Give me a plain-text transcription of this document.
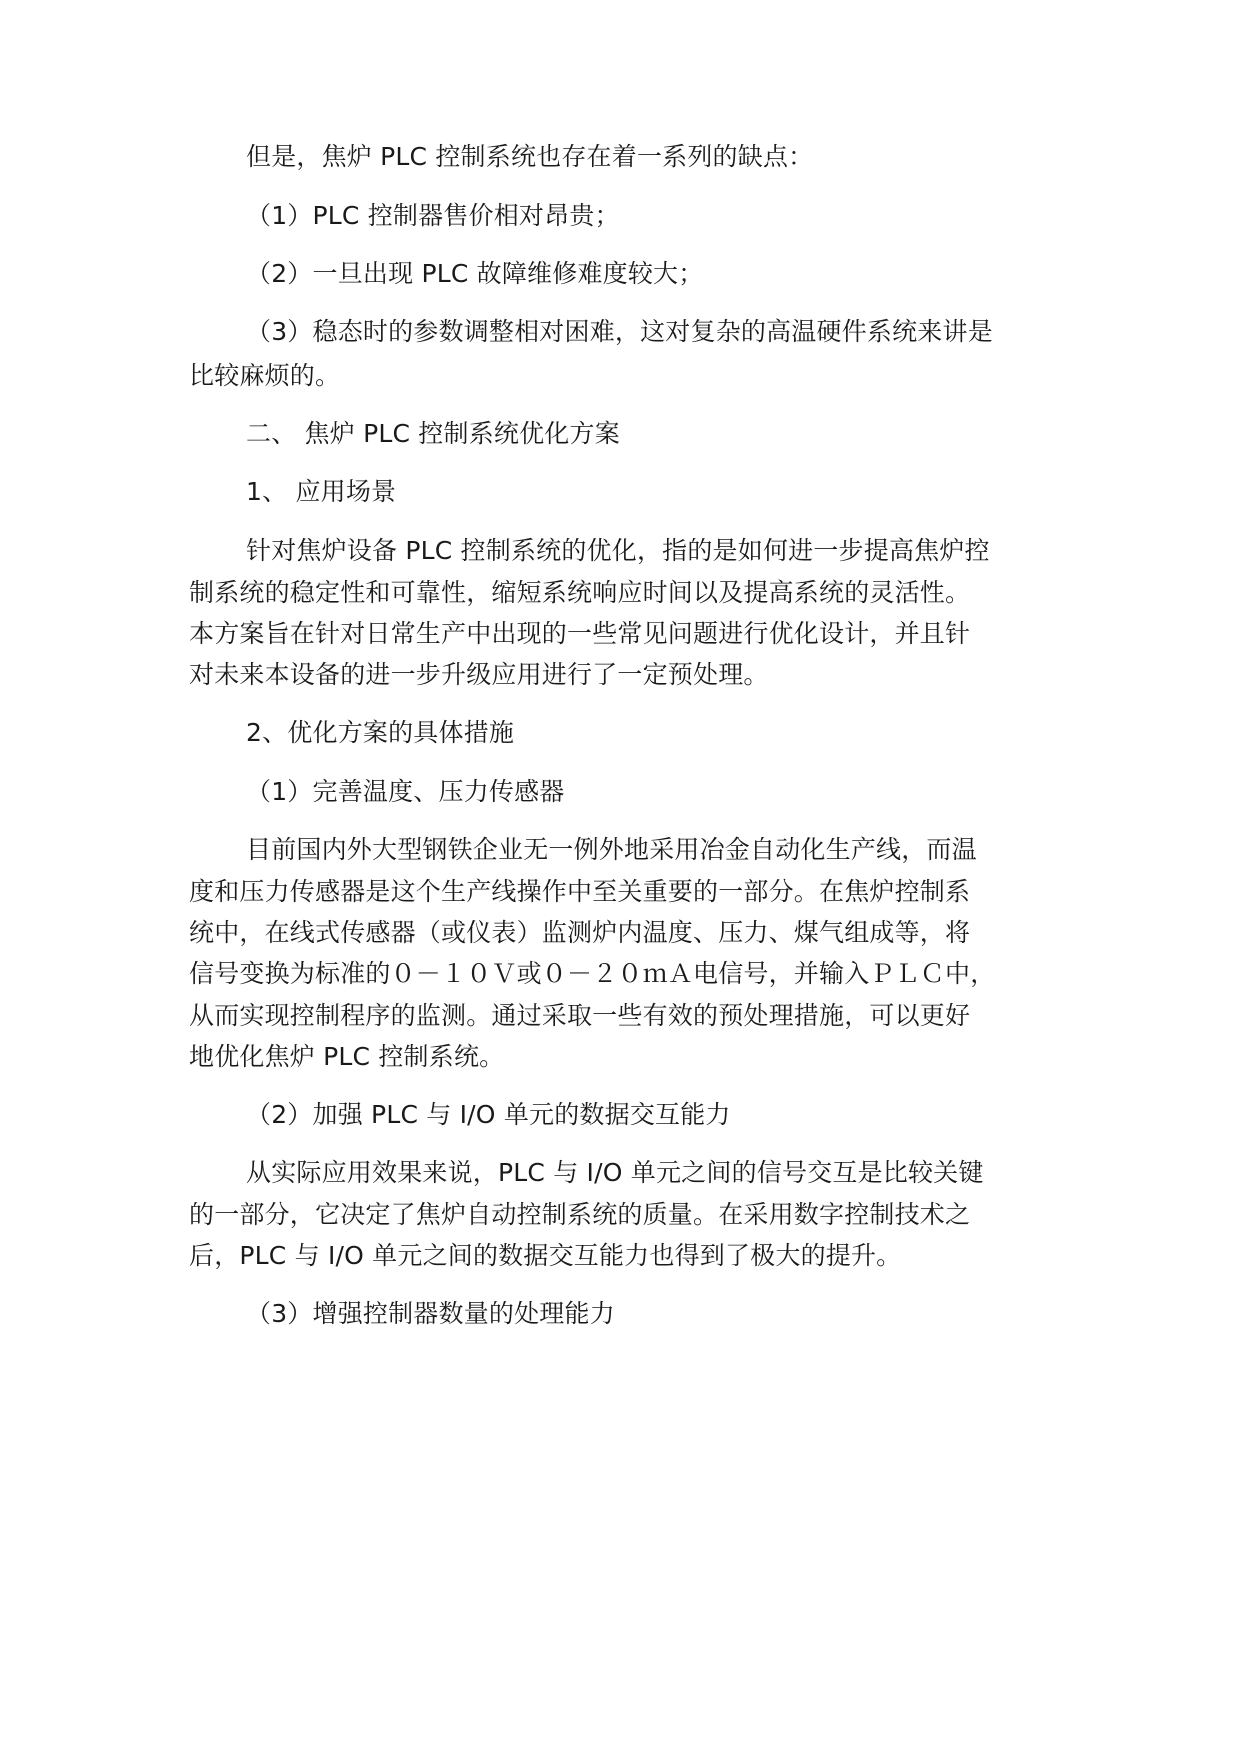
但是，焦炉 PLC 控制系统也存在着一系列的缺点：
（1）PLC 控制器售价相对昂贵；
（2）一旦出现 PLC 故障维修难度较大；
（3）稳态时的参数调整相对困难，这对复杂的高温硬件系统来讲是
比较麻烦的。
二、 焦炉 PLC 控制系统优化方案
1、 应用场景
针对焦炉设备 PLC 控制系统的优化，指的是如何进一步提高焦炉控
制系统的稳定性和可靠性，缩短系统响应时间以及提高系统的灵活性。
本方案旨在针对日常生产中出现的一些常见问题进行优化设计，并且针
对未来本设备的进一步升级应用进行了一定预处理。
2、优化方案的具体措施
（1）完善温度、压力传感器
目前国内外大型钢铁企业无一例外地采用冶金自动化生产线，而温
度和压力传感器是这个生产线操作中至关重要的一部分。在焦炉控制系
统中，在线式传感器（或仪表）监测炉内温度、压力、煤气组成等，将
信号变换为标准的０－１０Ｖ或０－２０ｍＡ电信号，并输入ＰＬＣ中，
从而实现控制程序的监测。通过采取一些有效的预处理措施，可以更好
地优化焦炉 PLC 控制系统。
（2）加强 PLC 与 I/O 单元的数据交互能力
从实际应用效果来说，PLC 与 I/O 单元之间的信号交互是比较关键
的一部分，它决定了焦炉自动控制系统的质量。在采用数字控制技术之
后，PLC 与 I/O 单元之间的数据交互能力也得到了极大的提升。
（3）增强控制器数量的处理能力
